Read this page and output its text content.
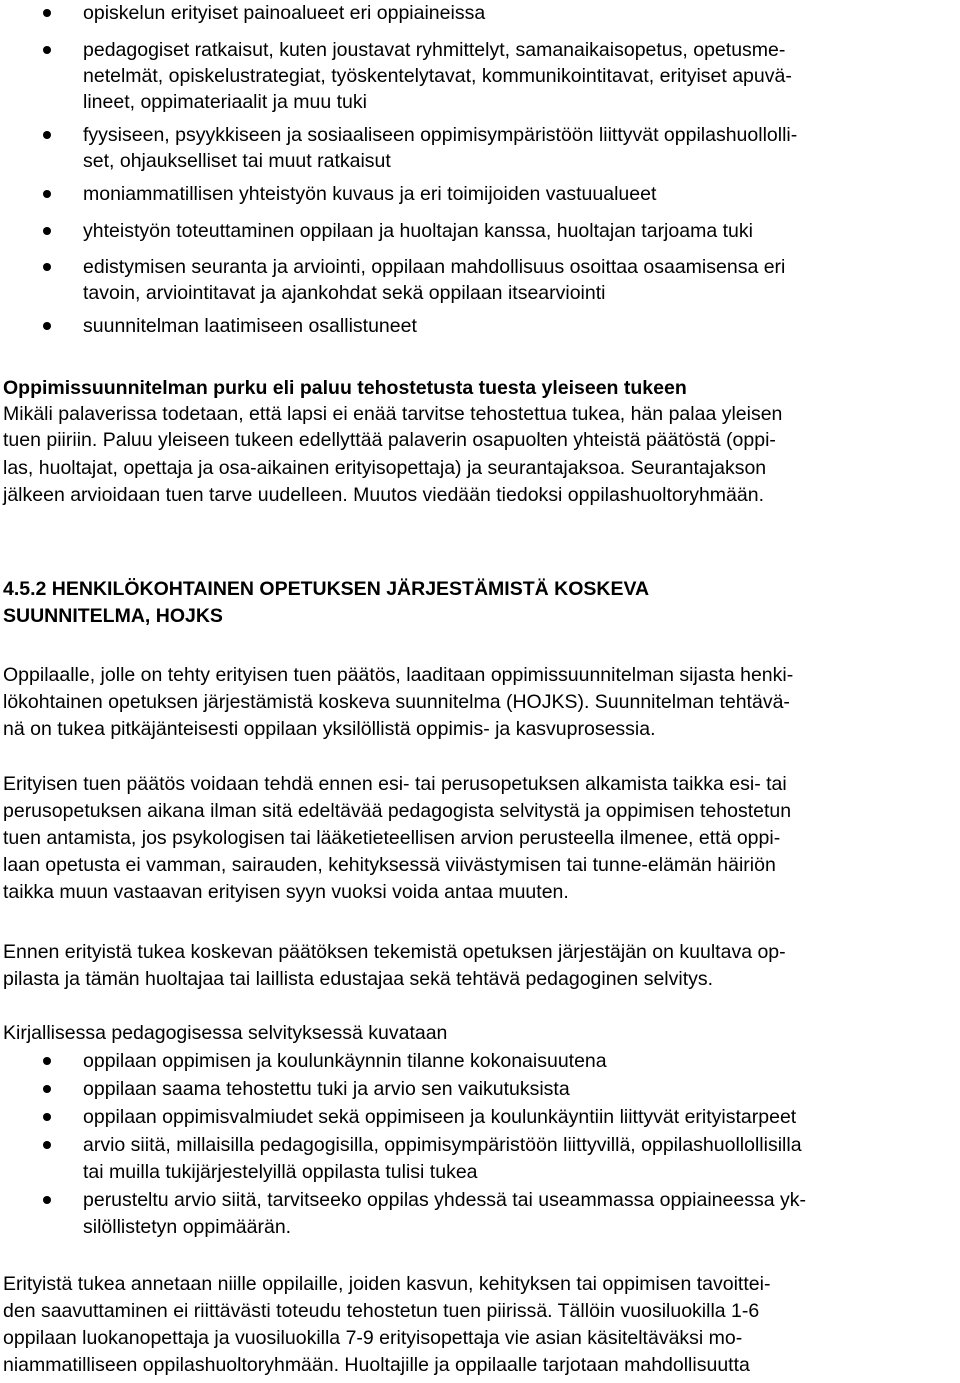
opiskelun erityiset painoalueet eri oppiaineissa
pedagogiset ratkaisut, kuten joustavat ryhmittelyt, samanaikaisopetus, opetusme-
netelmät, opiskelustrategiat, työskentelytavat, kommunikointitavat, erityiset apuvä-
lineet, oppimateriaalit ja muu tuki
fyysiseen, psyykkiseen ja sosiaaliseen oppimisympäristöön liittyvät oppilashuollolli-
set, ohjaukselliset tai muut ratkaisut
moniammatillisen yhteistyön kuvaus ja eri toimijoiden vastuualueet
yhteistyön toteuttaminen oppilaan ja huoltajan kanssa, huoltajan tarjoama tuki
edistymisen seuranta ja arviointi, oppilaan mahdollisuus osoittaa osaamisensa eri
tavoin, arviointitavat ja ajankohdat sekä oppilaan itsearviointi
suunnitelman laatimiseen osallistuneet
Oppimissuunnitelman purku eli paluu tehostetusta tuesta yleiseen tukeen
Mikäli palaverissa todetaan, että lapsi ei enää tarvitse tehostettua tukea, hän palaa yleisen
tuen piiriin. Paluu yleiseen tukeen edellyttää palaverin osapuolten yhteistä päätöstä (oppi-
las, huoltajat, opettaja ja osa-aikainen erityisopettaja) ja seurantajaksoa. Seurantajakson
jälkeen arvioidaan tuen tarve uudelleen. Muutos viedään tiedoksi oppilashuoltoryhmään.
4.5.2 HENKILÖKOHTAINEN OPETUKSEN JÄRJESTÄMISTÄ KOSKEVA
SUUNNITELMA, HOJKS
Oppilaalle, jolle on tehty erityisen tuen päätös, laaditaan oppimissuunnitelman sijasta henki-
lökohtainen opetuksen järjestämistä koskeva suunnitelma (HOJKS). Suunnitelman tehtävä-
nä on tukea pitkäjänteisesti oppilaan yksilöllistä oppimis- ja kasvuprosessia.
Erityisen tuen päätös voidaan tehdä ennen esi- tai perusopetuksen alkamista taikka esi- tai
perusopetuksen aikana ilman sitä edeltävää pedagogista selvitystä ja oppimisen tehostetun
tuen antamista, jos psykologisen tai lääketieteellisen arvion perusteella ilmenee, että oppi-
laan opetusta ei vamman, sairauden, kehityksessä viivästymisen tai tunne-elämän häiriön
taikka muun vastaavan erityisen syyn vuoksi voida antaa muuten.
Ennen erityistä tukea koskevan päätöksen tekemistä opetuksen järjestäjän on kuultava op-
pilasta ja tämän huoltajaa tai laillista edustajaa sekä tehtävä pedagoginen selvitys.
Kirjallisessa pedagogisessa selvityksessä kuvataan
oppilaan oppimisen ja koulunkäynnin tilanne kokonaisuutena
oppilaan saama tehostettu tuki ja arvio sen vaikutuksista
oppilaan oppimisvalmiudet sekä oppimiseen ja koulunkäyntiin liittyvät erityistarpeet
arvio siitä, millaisilla pedagogisilla, oppimisympäristöön liittyvillä, oppilashuollollisilla
tai muilla tukijärjestelyillä oppilasta tulisi tukea
perusteltu arvio siitä, tarvitseeko oppilas yhdessä tai useammassa oppiaineessa yk-
silöllistetyn oppimäärän.
Erityistä tukea annetaan niille oppilaille, joiden kasvun, kehityksen tai oppimisen tavoittei-
den saavuttaminen ei riittävästi toteudu tehostetun tuen piirissä. Tällöin vuosiluokilla 1-6
oppilaan luokanopettaja ja vuosiluokilla 7-9 erityisopettaja vie asian käsiteltäväksi mo-
niammatilliseen oppilashuoltoryhmään. Huoltajille ja oppilaalle tarjotaan mahdollisuutta
